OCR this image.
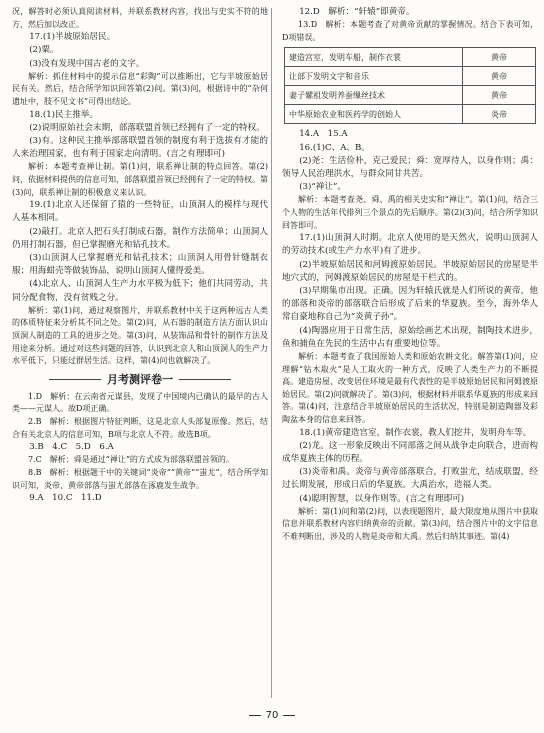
况，解答时必须认真阅读材料，并联系教材内容，找出与史实不符的地方，然后加以改正。

17.(1)半坡原始居民。

(2)粟。

(3)没有发现中国古老的文字。

解析：抓住材料中的提示信息“彩陶”可以推断出，它与半坡原始居民有关。然后，结合所学知识回答第(2)问。第(3)问，根据诗中的“杂何遗址中，肢不见文书”可得出结论。

18.(1)民主推举。

(2)说明原始社会末期，部落联盟首领已经拥有了一定的特权。

(3)有。这种民主推举部落联盟首领的制度有利于选拔有才能的人来治理国家，也有利于国家走向清明。(言之有理即可)

解析：本题考查禅让制。第(1)问，联系禅让制的特点回答。第(2)问，依据材料提供的信息可知，部落联盟首领已经拥有了一定的特权。第(3)问，联系禅让制的积极意义来认识。

19.(1)北京人还保留了猿的一些特征，山顶洞人的模样与现代人基本相同。

(2)敲打。北京人把石头打制成石器，制作方法简单；山顶洞人仍用打制石器，但已掌握磨光和钻孔技术。

(3)山顶洞人已掌握磨光和钻孔技术；山顶洞人用骨针缝制衣服；用海蚶壳等做装饰品，说明山顶洞人懂得爱美。

(4)北京人、山顶洞人生产力水平极为低下；他们共同劳动，共同分配食物，没有贫贱之分。

解析：第(1)问，通过观察图片，并联系教材中关于这两种远古人类的体质特征来分析其不同之处。第(2)问，从石器的制造方法方面认识山顶洞人制造的工具的进步之处。第(3)问，从装饰品和骨针的制作方法及用途来分析。通过对这些问题的回答，认识到北京人和山顶洞人的生产力水平低下，只能过群居生活。这样，第(4)问也就解决了。

月考测评卷一

1.D　解析：在云南省元谋县，发现了中国境内已确认的最早的古人类——元谋人。故D项正确。

2.B　解析：根据图片特征判断，这是北京人头部复原像。然后，结合有关北京人的信息可知，B项与北京人不符。故选B项。

3.B　4.C　5.D　6.A

7.C　解析：舜是通过“禅让”的方式成为部落联盟首领的。

8.B　解析：根据题干中的关键词“炎帝”“黄帝”“蚩尤”，结合所学知识可知，炎帝、黄帝部落与蚩尤部落在涿鹿发生战争。

9.A　10.C　11.D

12.D　解析：“轩辕”即黄帝。

13.D　解析：本题考查了对黄帝贡献的掌握情况。结合下表可知，D项错误。

建造宫室，发明车船，制作衣裳	黄帝
让部下发明文字和音乐	黄帝
妻子嫘祖发明养蚕缫丝技术	黄帝
中华原始农业和医药学的创始人	炎帝

14.A　15.A

16.(1)C、A、B。

(2)尧：生活俭朴，克己爱民；舜：宽厚待人，以身作则；禹：领导人民治理洪水，与群众同甘共苦。

(3)“禅让”。

解析：本题考查尧、舜、禹的相关史实和“禅让”。第(1)问，结合三个人物的生活年代排列三个景点的先后顺序。第(2)(3)问，结合所学知识回答即可。

17.(1)山顶洞人时期。北京人使用的是天然火，说明山顶洞人的劳动技术(或生产力水平)有了进步。

(2)半坡原始居民和河姆渡原始居民。半坡原始居民的房屋是半地穴式的，河姆渡原始居民的房屋是干栏式的。

(3)早期集市出现。正确。因为轩辕氏就是人们所说的黄帝，他的部落和炎帝的部落联合后形成了后来的华夏族。至今，海外华人常自豪地称自己为“炎黄子孙”。

(4)陶器应用于日常生活，原始绘画艺术出现，制陶技术进步，鱼和捕鱼在先民的生活中占有重要地位等。

解析：本题考查了我国原始人类和原始农耕文化。解答第(1)问，应理解“钻木取火”是人工取火的一种方式，反映了人类生产力的不断提高。建造房屋、改变居住环境是最有代表性的是半坡原始居民和河姆渡原始居民。第(2)问就解决了。第(3)问，根据材料并联系华夏族的形成来回答。第(4)问，注意结合半坡原始居民的生活状况，特别是制造陶器及彩陶盆本身的信息来回答。

18.(1)黄帝建造宫室，制作衣裳，教人们挖井，发明舟车等。

(2)龙。这一形象反映出不同部落之间从战争走向联合，进而构成华夏族主体的历程。

(3)炎帝和禹。炎帝与黄帝部落联合，打败蚩尤，结成联盟，经过长期发展，形成日后的华夏族。大禹治水，造福人类。

(4)聪明智慧，以身作则等。(言之有理即可)

解析：第(1)问和第(2)问，以表现题图片，最大限度地从图片中获取信息并联系教材内容归纳黄帝的贡献。第(3)问，结合图片中的文字信息不难判断出，涉及的人物是炎帝和大禹。然后归纳其事迹。第(4)

70
